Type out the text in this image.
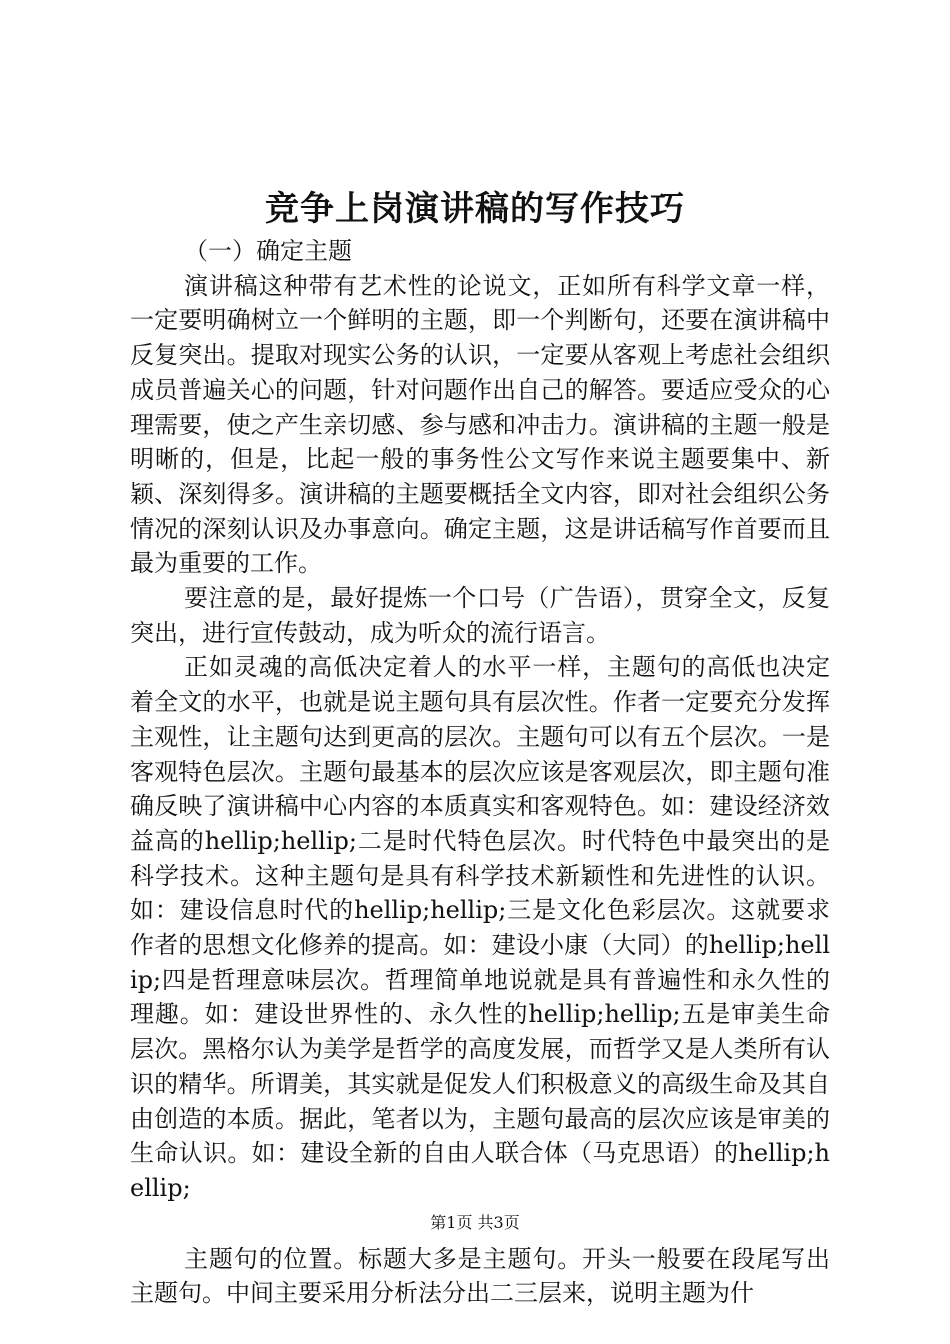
竞争上岗演讲稿的写作技巧

（一）确定主题

演讲稿这种带有艺术性的论说文，正如所有科学文章一样，一定要明确树立一个鲜明的主题，即一个判断句，还要在演讲稿中反复突出。提取对现实公务的认识，一定要从客观上考虑社会组织成员普遍关心的问题，针对问题作出自己的解答。要适应受众的心理需要，使之产生亲切感、参与感和冲击力。演讲稿的主题一般是明晰的，但是，比起一般的事务性公文写作来说主题要集中、新颖、深刻得多。演讲稿的主题要概括全文内容，即对社会组织公务情况的深刻认识及办事意向。确定主题，这是讲话稿写作首要而且最为重要的工作。

要注意的是，最好提炼一个口号（广告语），贯穿全文，反复突出，进行宣传鼓动，成为听众的流行语言。

正如灵魂的高低决定着人的水平一样，主题句的高低也决定着全文的水平，也就是说主题句具有层次性。作者一定要充分发挥主观性，让主题句达到更高的层次。主题句可以有五个层次。一是客观特色层次。主题句最基本的层次应该是客观层次，即主题句准确反映了演讲稿中心内容的本质真实和客观特色。如：建设经济效益高的hellip;hellip;二是时代特色层次。时代特色中最突出的是科学技术。这种主题句是具有科学技术新颖性和先进性的认识。如：建设信息时代的hellip;hellip;三是文化色彩层次。这就要求作者的思想文化修养的提高。如：建设小康（大同）的hellip;hellip;四是哲理意味层次。哲理简单地说就是具有普遍性和永久性的理趣。如：建设世界性的、永久性的hellip;hellip;五是审美生命层次。黑格尔认为美学是哲学的高度发展，而哲学又是人类所有认识的精华。所谓美，其实就是促发人们积极意义的高级生命及其自由创造的本质。据此，笔者以为，主题句最高的层次应该是审美的生命认识。如：建设全新的自由人联合体（马克思语）的hellip;hellip;

主题句的位置。标题大多是主题句。开头一般要在段尾写出主题句。中间主要采用分析法分出二三层来，说明主题为什

第1页 共3页
